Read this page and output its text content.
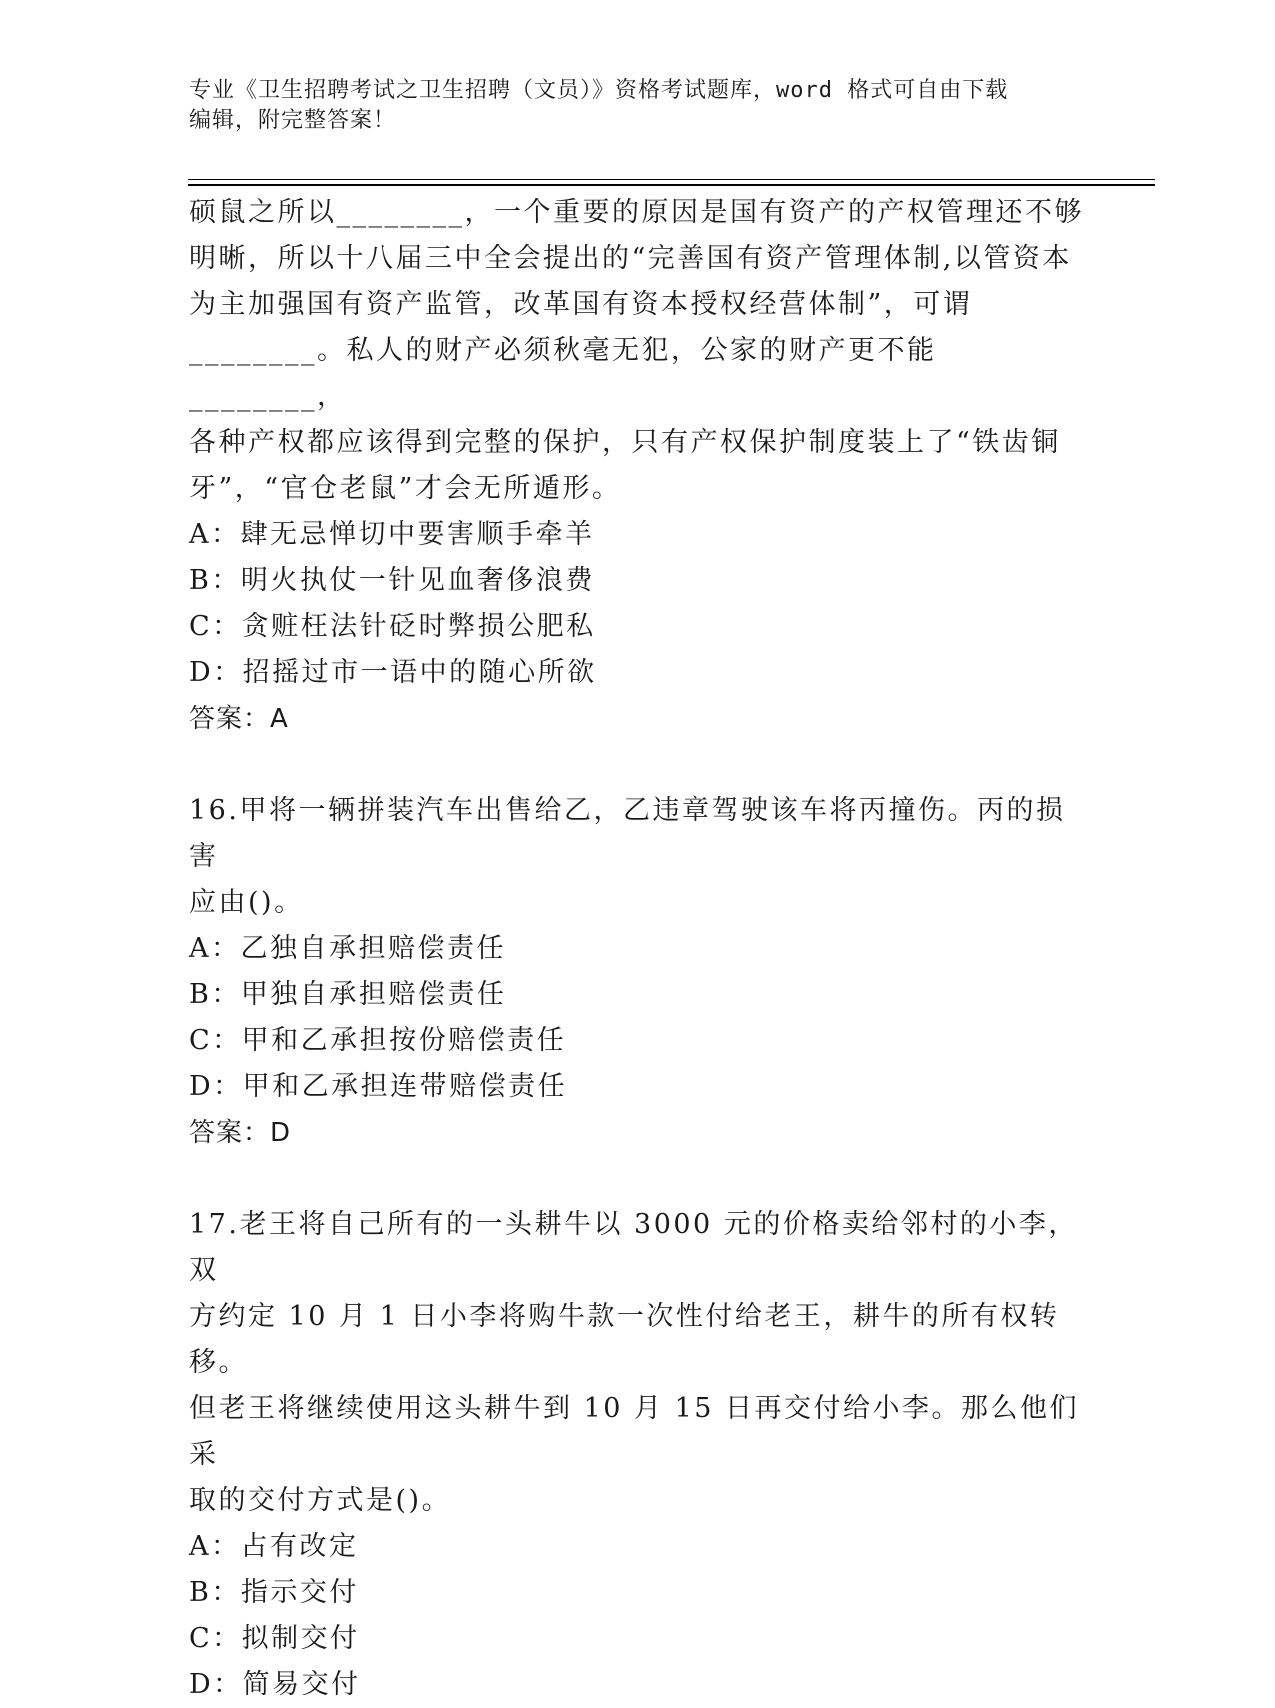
专业《卫生招聘考试之卫生招聘（文员）》资格考试题库，word 格式可自由下载
编辑，附完整答案！

硕鼠之所以________，一个重要的原因是国有资产的产权管理还不够

明晰，所以十八届三中全会提出的“完善国有资产管理体制,以管资本

为主加强国有资产监管，改革国有资本授权经营体制”，可谓

________。私人的财产必须秋毫无犯，公家的财产更不能________，

各种产权都应该得到完整的保护，只有产权保护制度装上了“铁齿铜

牙”，“官仓老鼠”才会无所遁形。

A：肆无忌惮切中要害顺手牵羊

B：明火执仗一针见血奢侈浪费

C：贪赃枉法针砭时弊损公肥私

D：招摇过市一语中的随心所欲

答案：A

16.甲将一辆拼装汽车出售给乙，乙违章驾驶该车将丙撞伤。丙的损害

应由()。

A：乙独自承担赔偿责任

B：甲独自承担赔偿责任

C：甲和乙承担按份赔偿责任

D：甲和乙承担连带赔偿责任

答案：D

17.老王将自己所有的一头耕牛以 3000 元的价格卖给邻村的小李，双

方约定 10 月 1 日小李将购牛款一次性付给老王，耕牛的所有权转移。

但老王将继续使用这头耕牛到 10 月 15 日再交付给小李。那么他们采

取的交付方式是()。

A：占有改定

B：指示交付

C：拟制交付

D：简易交付
